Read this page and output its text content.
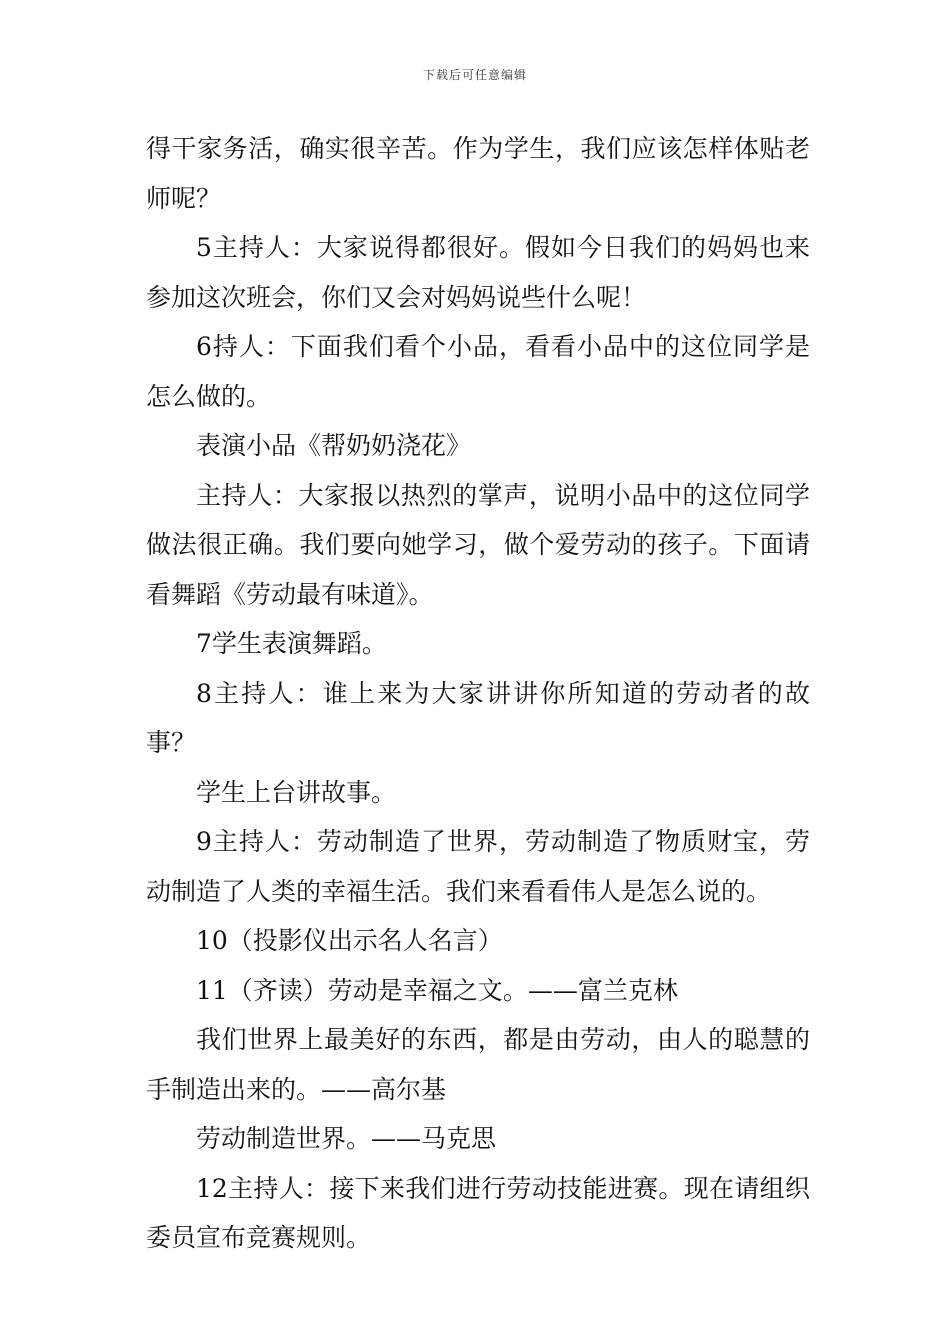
下载后可任意编辑

得干家务活，确实很辛苦。作为学生，我们应该怎样体贴老师呢？

5主持人：大家说得都很好。假如今日我们的妈妈也来参加这次班会，你们又会对妈妈说些什么呢！

6持人：下面我们看个小品，看看小品中的这位同学是怎么做的。

表演小品《帮奶奶浇花》

主持人：大家报以热烈的掌声，说明小品中的这位同学做法很正确。我们要向她学习，做个爱劳动的孩子。下面请看舞蹈《劳动最有味道》。

7学生表演舞蹈。

8主持人：谁上来为大家讲讲你所知道的劳动者的故事？

学生上台讲故事。

9主持人：劳动制造了世界，劳动制造了物质财宝，劳动制造了人类的幸福生活。我们来看看伟人是怎么说的。

10（投影仪出示名人名言）

11（齐读）劳动是幸福之文。——富兰克林

我们世界上最美好的东西，都是由劳动，由人的聪慧的手制造出来的。——高尔基

劳动制造世界。——马克思

12主持人：接下来我们进行劳动技能进赛。现在请组织委员宣布竞赛规则。
